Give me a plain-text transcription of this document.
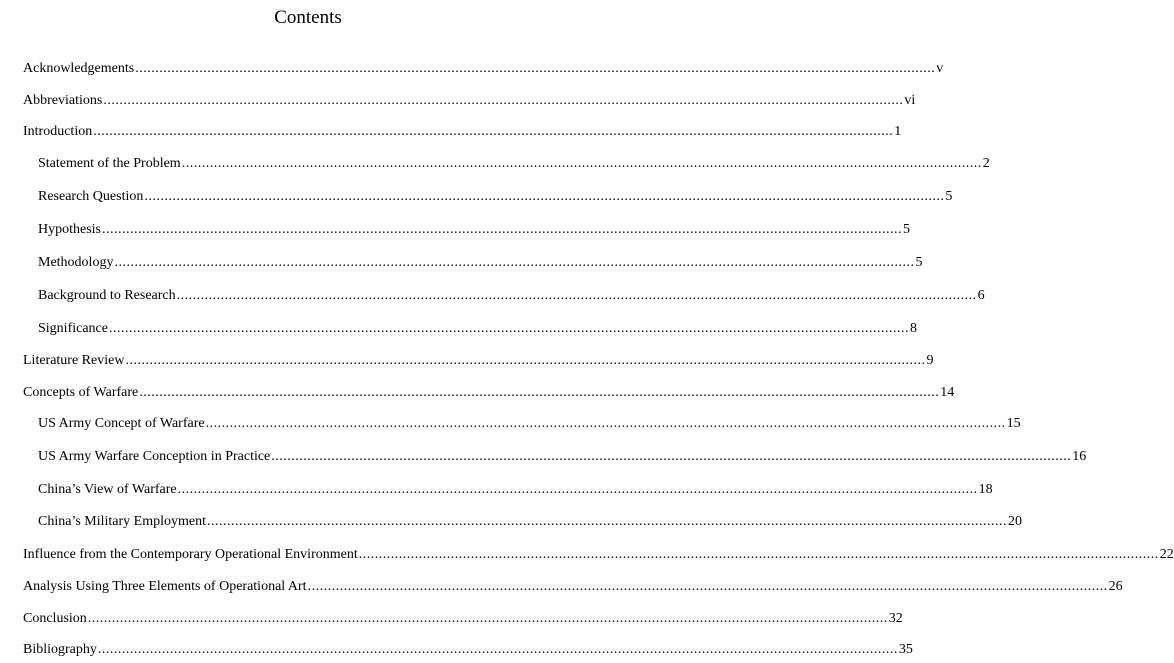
Contents
Acknowledgements ........................................................................................................................................................................................................ v
Abbreviations ........................................................................................................................................................................................................ vi
Introduction ........................................................................................................................................................................................................ 1
Statement of the Problem ........................................................................................................................................................................................................ 2
Research Question ........................................................................................................................................................................................................ 5
Hypothesis ........................................................................................................................................................................................................ 5
Methodology ........................................................................................................................................................................................................ 5
Background to Research ........................................................................................................................................................................................................ 6
Significance ........................................................................................................................................................................................................ 8
Literature Review ........................................................................................................................................................................................................ 9
Concepts of Warfare ........................................................................................................................................................................................................ 14
US Army Concept of Warfare ........................................................................................................................................................................................................ 15
US Army Warfare Conception in Practice ........................................................................................................................................................................................................ 16
China’s View of Warfare ........................................................................................................................................................................................................ 18
China’s Military Employment ........................................................................................................................................................................................................ 20
Influence from the Contemporary Operational Environment ........................................................................................................................................................................................................ 22
Analysis Using Three Elements of Operational Art ........................................................................................................................................................................................................ 26
Conclusion ........................................................................................................................................................................................................ 32
Bibliography ........................................................................................................................................................................................................ 35
